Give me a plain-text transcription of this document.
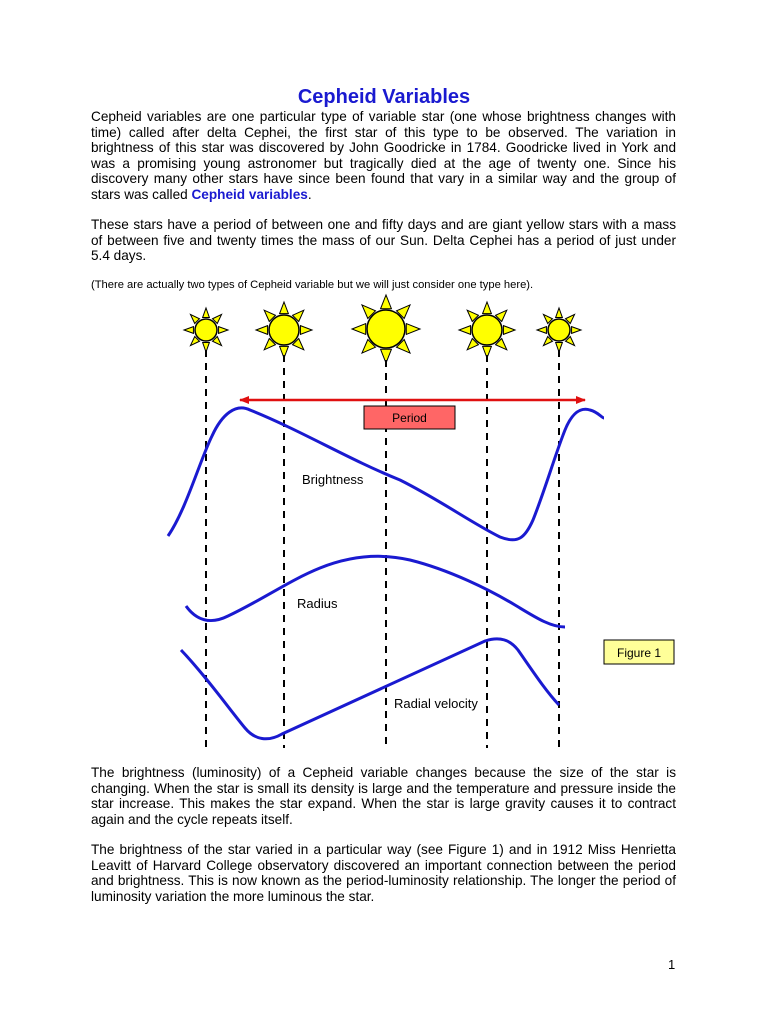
Cepheid Variables
Cepheid variables are one particular type of variable star (one whose brightness changes with time) called after delta Cephei, the first star of this type to be observed. The variation in brightness of this star was discovered by John Goodricke in 1784. Goodricke lived in York and was a promising young astronomer but tragically died at the age of twenty one. Since his discovery many other stars have since been found that vary in a similar way and the group of stars was called Cepheid variables.
These stars have a period of between one and fifty days and are giant yellow stars with a mass of between five and twenty times the mass of our Sun. Delta Cephei has a period of just under 5.4 days.
(There are actually two types of Cepheid variable but we will just consider one type here).
Period
Brightness
Radius
Radial velocity
Figure 1
The brightness (luminosity) of a Cepheid variable changes because the size of the star is changing. When the star is small its density is large and the temperature and pressure inside the star increase. This makes the star expand. When the star is large gravity causes it to contract again and the cycle repeats itself.
The brightness of the star varied in a particular way (see Figure 1) and in 1912 Miss Henrietta Leavitt of Harvard College observatory discovered an important connection between the period and brightness. This is now known as the period-luminosity relationship. The longer the period of luminosity variation the more luminous the star.
1
